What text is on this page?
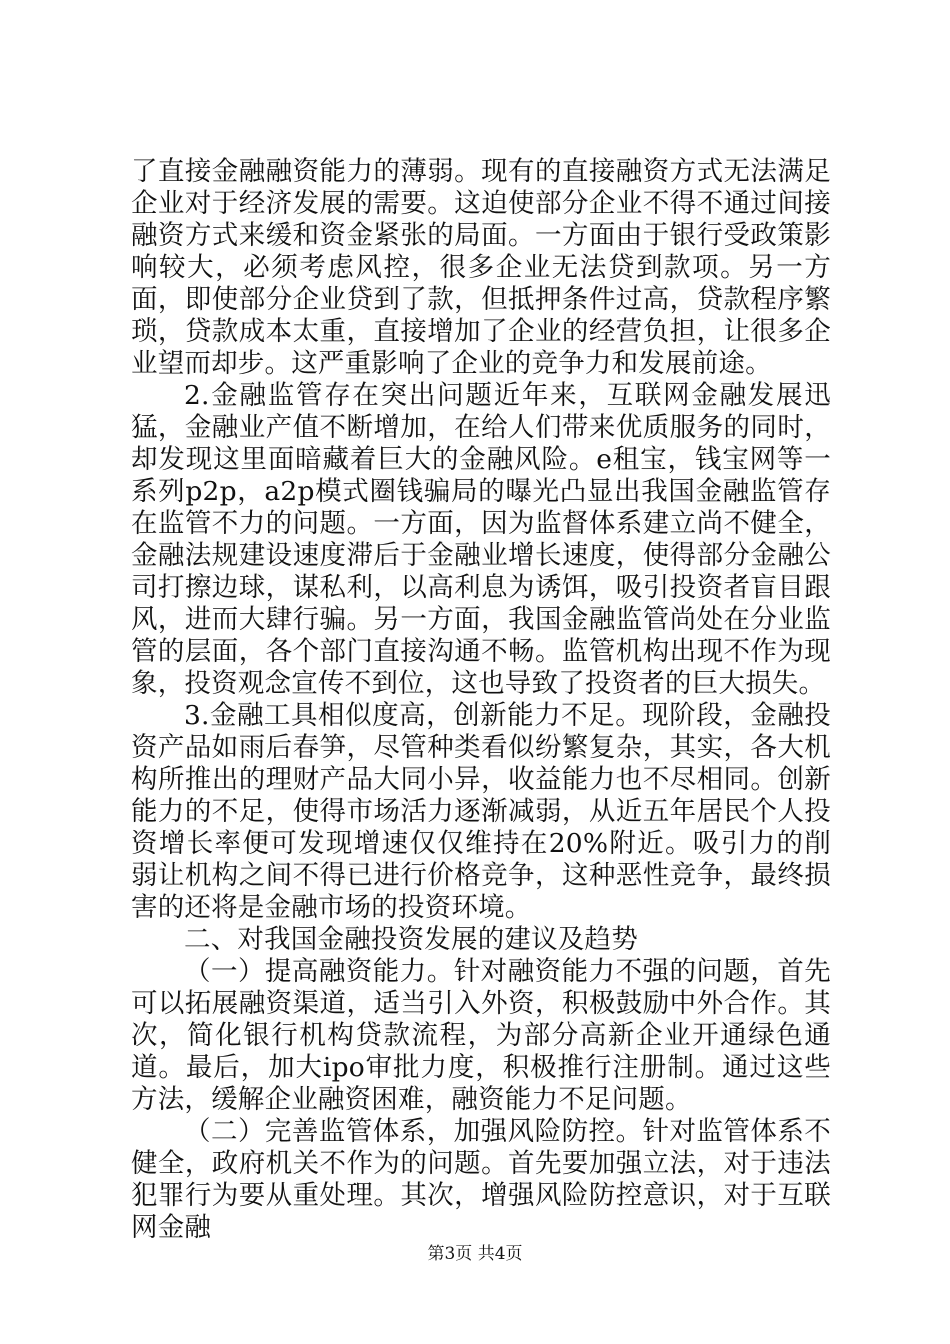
了直接金融融资能力的薄弱。现有的直接融资方式无法满足企业对于经济发展的需要。这迫使部分企业不得不通过间接融资方式来缓和资金紧张的局面。一方面由于银行受政策影响较大，必须考虑风控，很多企业无法贷到款项。另一方面，即使部分企业贷到了款，但抵押条件过高，贷款程序繁琐，贷款成本太重，直接增加了企业的经营负担，让很多企业望而却步。这严重影响了企业的竞争力和发展前途。

2.金融监管存在突出问题近年来，互联网金融发展迅猛，金融业产值不断增加，在给人们带来优质服务的同时，却发现这里面暗藏着巨大的金融风险。e租宝，钱宝网等一系列p2p，a2p模式圈钱骗局的曝光凸显出我国金融监管存在监管不力的问题。一方面，因为监督体系建立尚不健全，金融法规建设速度滞后于金融业增长速度，使得部分金融公司打擦边球，谋私利，以高利息为诱饵，吸引投资者盲目跟风，进而大肆行骗。另一方面，我国金融监管尚处在分业监管的层面，各个部门直接沟通不畅。监管机构出现不作为现象，投资观念宣传不到位，这也导致了投资者的巨大损失。

3.金融工具相似度高，创新能力不足。现阶段，金融投资产品如雨后春笋，尽管种类看似纷繁复杂，其实，各大机构所推出的理财产品大同小异，收益能力也不尽相同。创新能力的不足，使得市场活力逐渐减弱，从近五年居民个人投资增长率便可发现增速仅仅维持在20%附近。吸引力的削弱让机构之间不得已进行价格竞争，这种恶性竞争，最终损害的还将是金融市场的投资环境。

二、对我国金融投资发展的建议及趋势

（一）提高融资能力。针对融资能力不强的问题，首先可以拓展融资渠道，适当引入外资，积极鼓励中外合作。其次，简化银行机构贷款流程，为部分高新企业开通绿色通道。最后，加大ipo审批力度，积极推行注册制。通过这些方法，缓解企业融资困难，融资能力不足问题。

（二）完善监管体系，加强风险防控。针对监管体系不健全，政府机关不作为的问题。首先要加强立法，对于违法犯罪行为要从重处理。其次，增强风险防控意识，对于互联网金融

第3页 共4页
